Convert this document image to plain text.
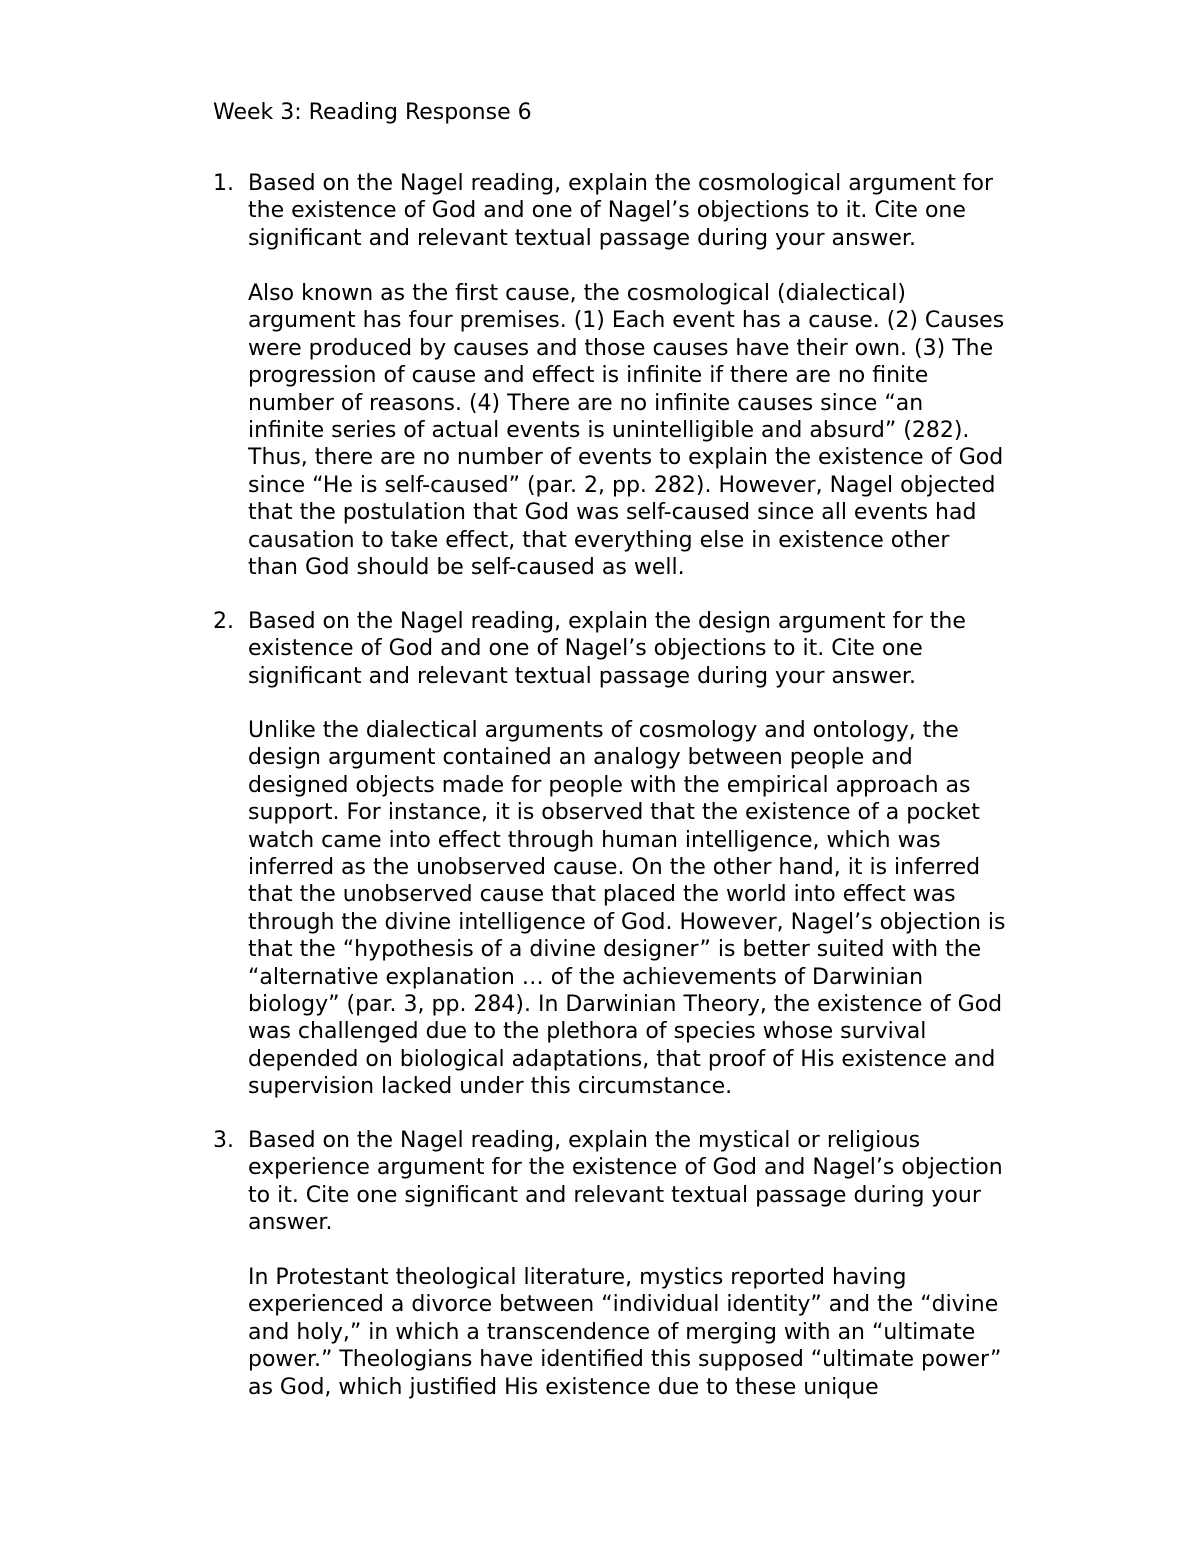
Week 3: Reading Response 6
1. Based on the Nagel reading, explain the cosmological argument for
the existence of God and one of Nagel’s objections to it. Cite one
significant and relevant textual passage during your answer.
Also known as the first cause, the cosmological (dialectical)
argument has four premises. (1) Each event has a cause. (2) Causes
were produced by causes and those causes have their own. (3) The
progression of cause and effect is infinite if there are no finite
number of reasons. (4) There are no infinite causes since “an
infinite series of actual events is unintelligible and absurd” (282).
Thus, there are no number of events to explain the existence of God
since “He is self-caused” (par. 2, pp. 282). However, Nagel objected
that the postulation that God was self-caused since all events had
causation to take effect, that everything else in existence other
than God should be self-caused as well.
2. Based on the Nagel reading, explain the design argument for the
existence of God and one of Nagel’s objections to it. Cite one
significant and relevant textual passage during your answer.
Unlike the dialectical arguments of cosmology and ontology, the
design argument contained an analogy between people and
designed objects made for people with the empirical approach as
support. For instance, it is observed that the existence of a pocket
watch came into effect through human intelligence, which was
inferred as the unobserved cause. On the other hand, it is inferred
that the unobserved cause that placed the world into effect was
through the divine intelligence of God. However, Nagel’s objection is
that the “hypothesis of a divine designer” is better suited with the
“alternative explanation … of the achievements of Darwinian
biology” (par. 3, pp. 284). In Darwinian Theory, the existence of God
was challenged due to the plethora of species whose survival
depended on biological adaptations, that proof of His existence and
supervision lacked under this circumstance.
3. Based on the Nagel reading, explain the mystical or religious
experience argument for the existence of God and Nagel’s objection
to it. Cite one significant and relevant textual passage during your
answer.
In Protestant theological literature, mystics reported having
experienced a divorce between “individual identity” and the “divine
and holy,” in which a transcendence of merging with an “ultimate
power.” Theologians have identified this supposed “ultimate power”
as God, which justified His existence due to these unique
